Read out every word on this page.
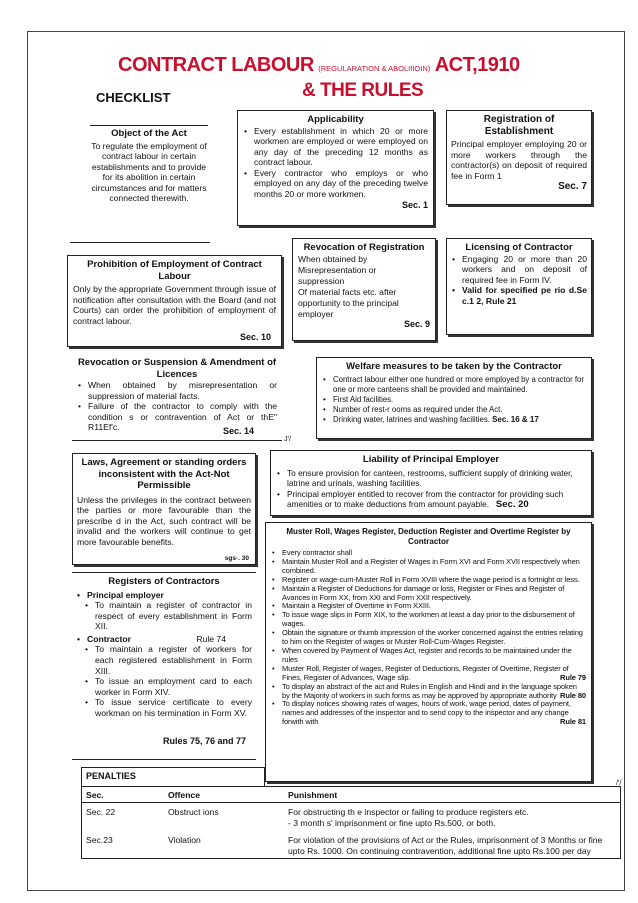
CONTRACT LABOUR (REGULARATION & ABOLIfIOIN) ACT,1910
& THE RULES
CHECKLIST
Object of the Act
To regulate the employment of contract labour in certain establishments and to provide for its abolition in certain circumstances and for matters connected therewith.
Applicability
• Every establishment in which 20 or more workmen are employed or were employed on any day of the preceding 12 months as contract labour.
• Every contractor who employs or who employed on any day of the preceding twelve months 20 or more workmen.
Sec. 1
Registration of Establishment
Principal employer employing 20 or more workers through the contractor(s) on deposit of required fee in Form 1
Sec. 7
Revocation of Registration
When obtained by
Misrepresentation or
suppression
Of material facts etc. after
opportunity to the principal
employer
Sec. 9
Licensing of Contractor
• Engaging 20 or more than 20 workers and on deposit of required fee in Form IV.
• Valid for specified pe rio d.Se c.1 2, Rule 21
Prohibition of Employment of Contract Labour
Only by the appropriate Government through issue of notification after consultation with the Board (and not Courts) can order the prohibition of employment of contract labour.
Sec. 10
Revocation or Suspension & Amendment of Licences
• When obtained by misrepresentation or suppression of material facts.
• Failure of the contractor to comply with the condition s or contravention of Act or thE" R11Ef'c.	Sec. 14
J'/
Welfare measures to be taken by the Contractor
• Contract labour either one hundred or more employed by a contractor for one or more canteens shall be provided and maintained.
• First Aid facilities.
• Number of rest-r ooms as required under the Act.
• Drinking water, latrines and washing facilities. Sec. 16 & 17
Laws, Agreement or standing orders inconsistent with the Act-Not Permissible
Unless the privileges in the contract between the parties or more favourable than the prescribe d in the Act, such contract will be invalid and the workers will continue to get more favourable benefits.
sgs·. 30
Liability of Principal Employer
• To ensure provision for canteen, restrooms, sufficient supply of drinking water, latrine and urinals, washing facilities.
• Principal employer entitled to recover from the contractor for providing such amenities or to make deductions from amount payable. Sec. 20
Registers of Contractors
• Principal employer
• To maintain a register of contractor in respect of every establishment in Form XII.
• Contractor	Rule 74
• To maintain a register of workers for each registered establishment in Form XIII.
• To issue an employment card to each worker in Form XIV.
• To issue service certificate to every workman on his termination in Form XV.
Rules 75, 76 and 77
Muster Roll, Wages Register, Deduction Register and Overtime Register by Contractor
• Every contractor shall
• Maintain Muster Roll and a Register of Wages in Form XVI and Form XVII respectively when combined.
• Register or wage-cum-Muster Roll in Form XVIII where the wage period is a fortnight or less.
• Maintain a Register of Deductions for damage or loss, Register or Fines and Register of Avances in Form XX, from XXI and Form XXII respectively.
• Maintain a Register of Overtime in Form XXIII.
• To issue wage slips in Form XIX, to the workmen at least a day prior to the disbursement of wages.
• Obtain the signature or thumb impression of the worker concerned against the entries relating to him on the Register of wages or Muster Roll-Cum-Wages Register.
• When covered by Payment of Wages Act, register and records to be maintained under the rules
• Muster Roll, Register of wages, Register of Deductions, Register of Overtime, Register of Fines, Register of Advances, Wage slip.	Rule 79
• To display an abstract of the act and Rules in English and Hindi and in the language spoken by the Majority of workers in such forms as may be approved by appropriate authority Rule 80
• To display notices showing rates of wages, hours of work, wage period, dates of payment, names and addresses of the inspector and to send copy to the inspector and any change forwith with	Rule 81
/'/
PENALTIES
Sec.	Offence	Punishment
Sec. 22	Obstruct ions	For obstructing th e inspector or failing to produce registers etc.
- 3 month s' imprisonment or fine upto Rs.500, or both.

Sec.23	Violation	For violation of the provisions of Act or the Rules, imprisonment of 3 Months or fine upto Rs. 1000. On continuing contravention, additional fine upto Rs.100 per day
